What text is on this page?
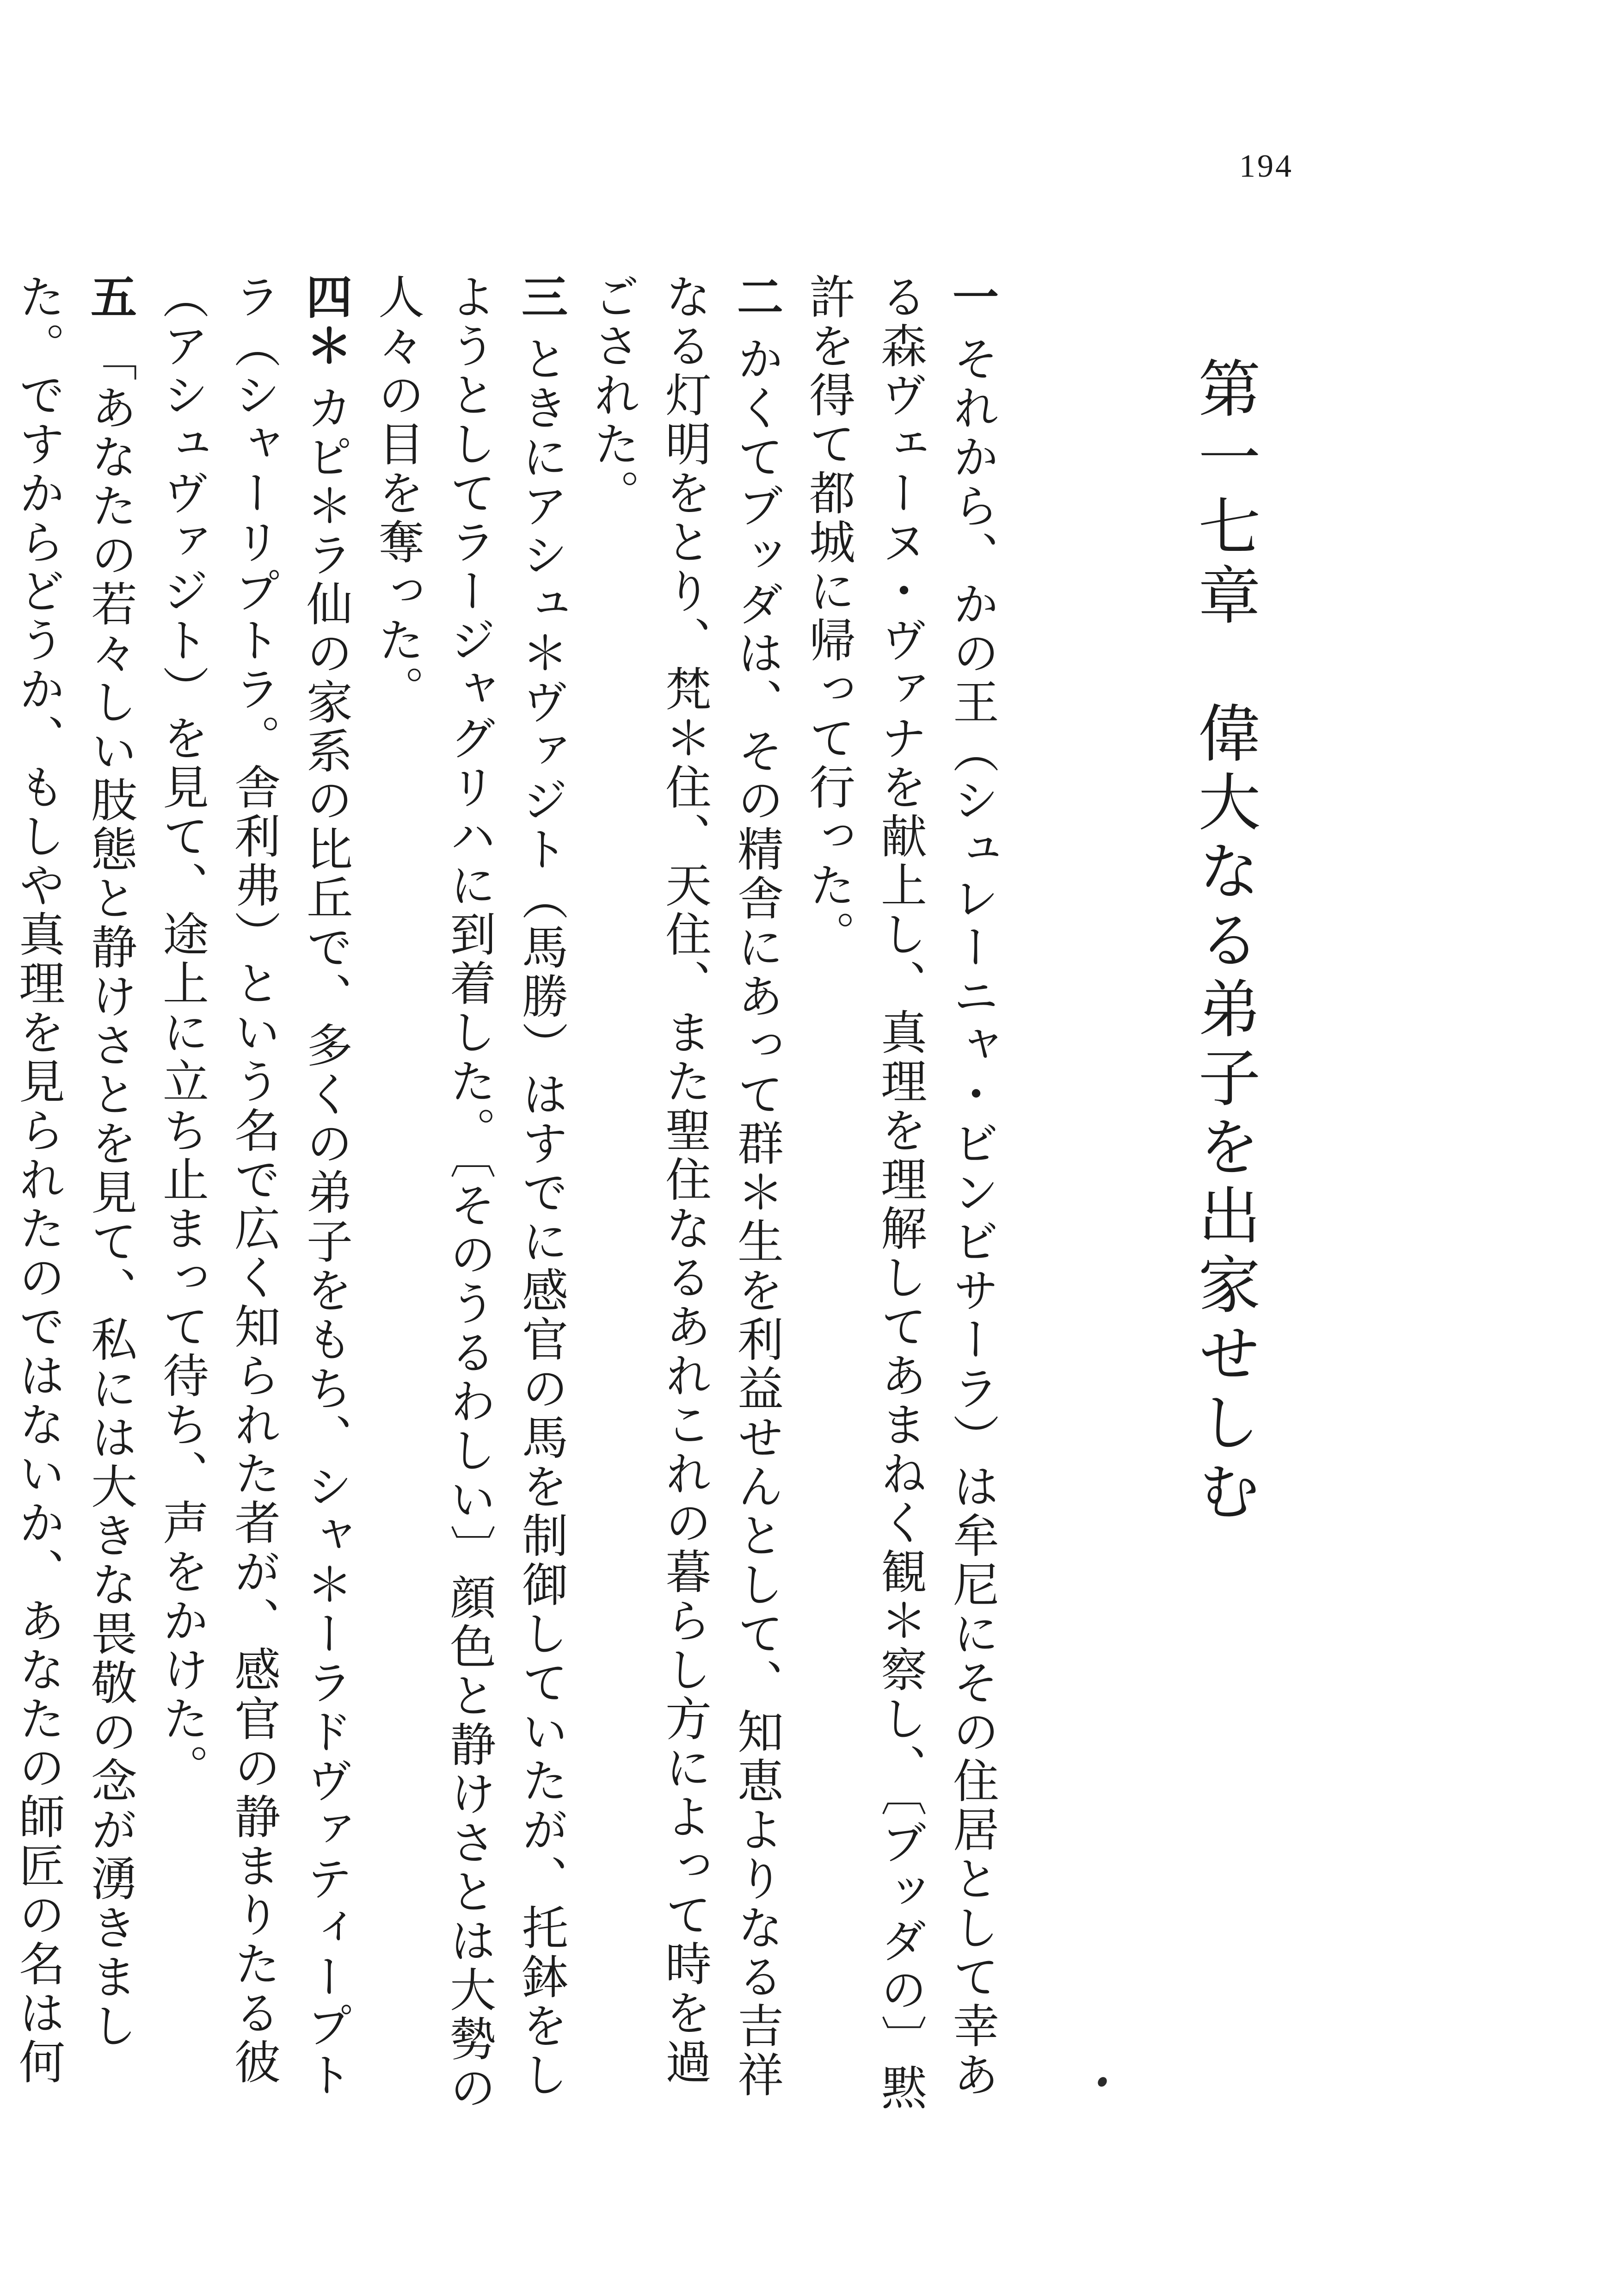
194
第一七章　偉大なる弟子を出家せしむ
一それから、かの王（シュレーニャ・ビンビサーラ）は牟尼にその住居として幸ある森ヴェーヌ・ヴァナを献上し、真理を理解してあまねく観＊察し、〔ブッダの〕黙許を得て都城に帰って行った。
二かくてブッダは、その精舎にあって群＊生を利益せんとして、知恵よりなる吉祥なる灯明をとり、梵＊住、天住、また聖住なるあれこれの暮らし方によって時を過ごされた。
三ときにアシュ＊ヴァジト（馬勝）はすでに感官の馬を制御していたが、托鉢をしようとしてラージャグリハに到着した。〔そのうるわしい〕顔色と静けさとは大勢の人々の目を奪った。
四＊カピ＊ラ仙の家系の比丘で、多くの弟子をもち、シャ＊ーラドヴァティープトラ（シャーリプトラ。舎利弗）という名で広く知られた者が、感官の静まりたる彼（アシュヴァジト）を見て、途上に立ち止まって待ち、声をかけた。
五「あなたの若々しい肢態と静けさとを見て、私には大きな畏敬の念が湧きました。ですからどうか、もしや真理を見られたのではないか、あなたの師匠の名は何
